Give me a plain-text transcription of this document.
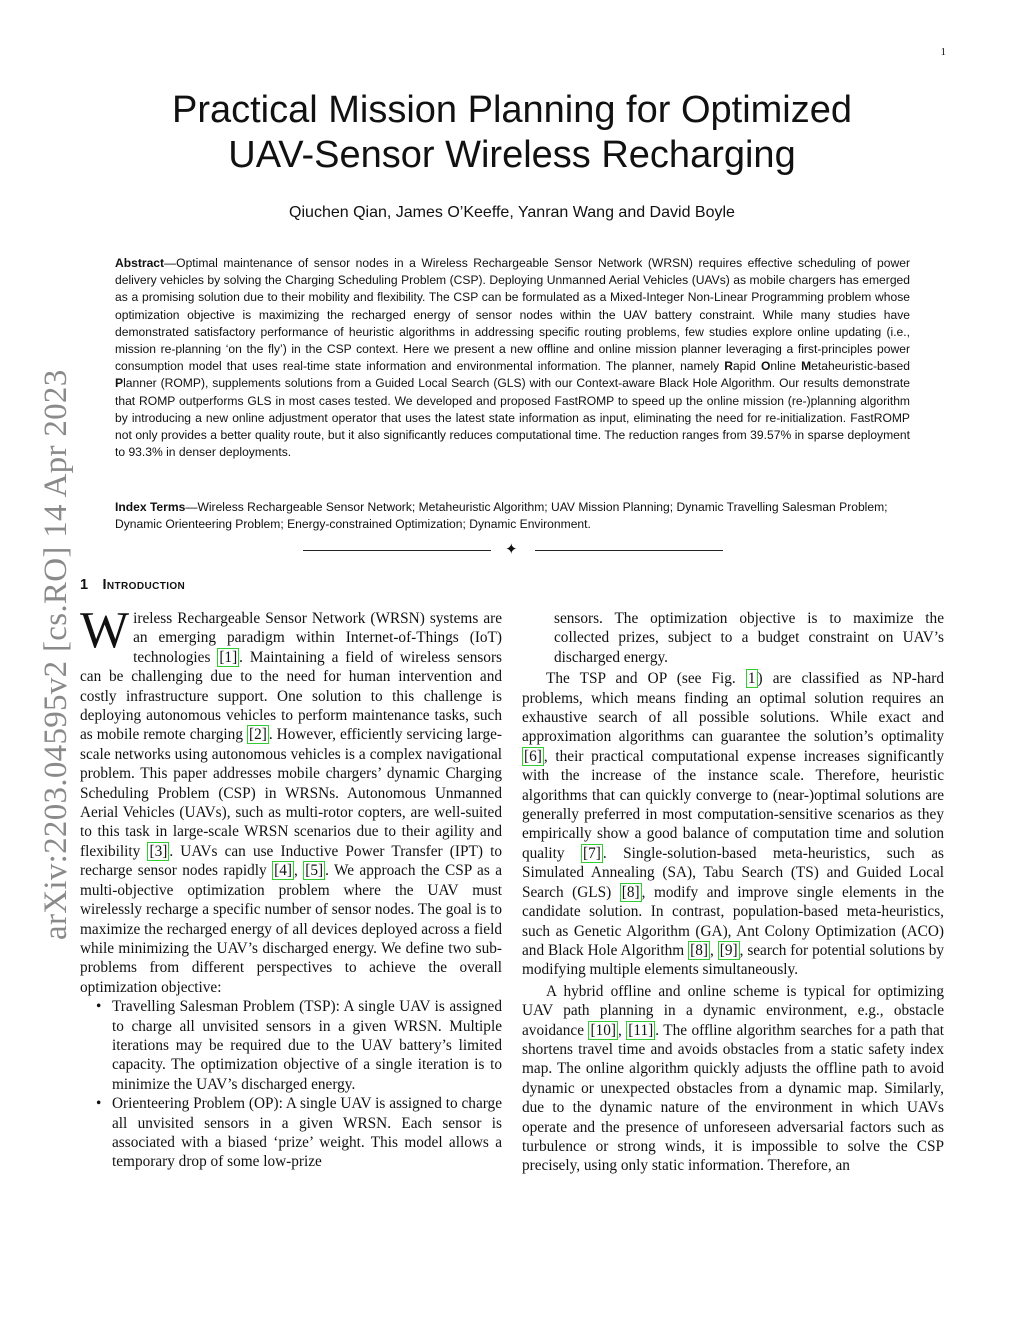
1
arXiv:2203.04595v2 [cs.RO] 14 Apr 2023
Practical Mission Planning for Optimized
UAV-Sensor Wireless Recharging
Qiuchen Qian, James O’Keeffe, Yanran Wang and David Boyle

Abstract—Optimal maintenance of sensor nodes in a Wireless Rechargeable Sensor Network (WRSN) requires effective scheduling of power delivery vehicles by solving the Charging Scheduling Problem (CSP). Deploying Unmanned Aerial Vehicles (UAVs) as mobile chargers has emerged as a promising solution due to their mobility and flexibility. The CSP can be formulated as a Mixed-Integer Non-Linear Programming problem whose optimization objective is maximizing the recharged energy of sensor nodes within the UAV battery constraint. While many studies have demonstrated satisfactory performance of heuristic algorithms in addressing specific routing problems, few studies explore online updating (i.e., mission re-planning ‘on the fly’) in the CSP context. Here we present a new offline and online mission planner leveraging a first-principles power consumption model that uses real-time state information and environmental information. The planner, namely Rapid Online Metaheuristic-based Planner (ROMP), supplements solutions from a Guided Local Search (GLS) with our Context-aware Black Hole Algorithm. Our results demonstrate that ROMP outperforms GLS in most cases tested. We developed and proposed FastROMP to speed up the online mission (re-)planning algorithm by introducing a new online adjustment operator that uses the latest state information as input, eliminating the need for re-initialization. FastROMP not only provides a better quality route, but it also significantly reduces computational time. The reduction ranges from 39.57% in sparse deployment to 93.3% in denser deployments.

Index Terms—Wireless Rechargeable Sensor Network; Metaheuristic Algorithm; UAV Mission Planning; Dynamic Travelling Salesman Problem; Dynamic Orienteering Problem; Energy-constrained Optimization; Dynamic Environment.

✦
1 Introduction

Wireless Rechargeable Sensor Network (WRSN) systems are an emerging paradigm within Internet-of-Things (IoT) technologies [1] . Maintaining a field of wireless sensors can be challenging due to the need for human intervention and costly infrastructure support. One solution to this challenge is deploying autonomous vehicles to perform maintenance tasks, such as mobile remote charging [2] . However, efficiently servicing large-scale networks using autonomous vehicles is a complex navigational problem. This paper addresses mobile chargers’ dynamic Charging Scheduling Problem (CSP) in WRSNs. Autonomous Unmanned Aerial Vehicles (UAVs), such as multi-rotor copters, are well-suited to this task in large-scale WRSN scenarios due to their agility and flexibility [3] . UAVs can use Inductive Power Transfer (IPT) to recharge sensor nodes rapidly [4] , [5] . We approach the CSP as a multi-objective optimization problem where the UAV must wirelessly recharge a specific number of sensor nodes. The goal is to maximize the recharged energy of all devices deployed across a field while minimizing the UAV’s discharged energy. We define two sub-problems from different perspectives to achieve the overall optimization objective:

• Travelling Salesman Problem (TSP): A single UAV is assigned to charge all unvisited sensors in a given WRSN. Multiple iterations may be required due to the UAV battery’s limited capacity. The optimization objective of a single iteration is to minimize the UAV’s discharged energy.
• Orienteering Problem (OP): A single UAV is assigned to charge all unvisited sensors in a given WRSN. Each sensor is associated with a biased ‘prize’ weight. This model allows a temporary drop of some low-prize

sensors. The optimization objective is to maximize the collected prizes, subject to a budget constraint on UAV’s discharged energy.

The TSP and OP (see Fig. 1 ) are classified as NP-hard problems, which means finding an optimal solution requires an exhaustive search of all possible solutions. While exact and approximation algorithms can guarantee the solution’s optimality [6] , their practical computational expense increases significantly with the increase of the instance scale. Therefore, heuristic algorithms that can quickly converge to (near-)optimal solutions are generally preferred in most computation-sensitive scenarios as they empirically show a good balance of computation time and solution quality [7] . Single-solution-based meta-heuristics, such as Simulated Annealing (SA), Tabu Search (TS) and Guided Local Search (GLS) [8] , modify and improve single elements in the candidate solution. In contrast, population-based meta-heuristics, such as Genetic Algorithm (GA), Ant Colony Optimization (ACO) and Black Hole Algorithm [8] , [9] , search for potential solutions by modifying multiple elements simultaneously.

A hybrid offline and online scheme is typical for optimizing UAV path planning in a dynamic environment, e.g., obstacle avoidance [10] , [11] . The offline algorithm searches for a path that shortens travel time and avoids obstacles from a static safety index map. The online algorithm quickly adjusts the offline path to avoid dynamic or unexpected obstacles from a dynamic map. Similarly, due to the dynamic nature of the environment in which UAVs operate and the presence of unforeseen adversarial factors such as turbulence or strong winds, it is impossible to solve the CSP precisely, using only static information. Therefore, an
